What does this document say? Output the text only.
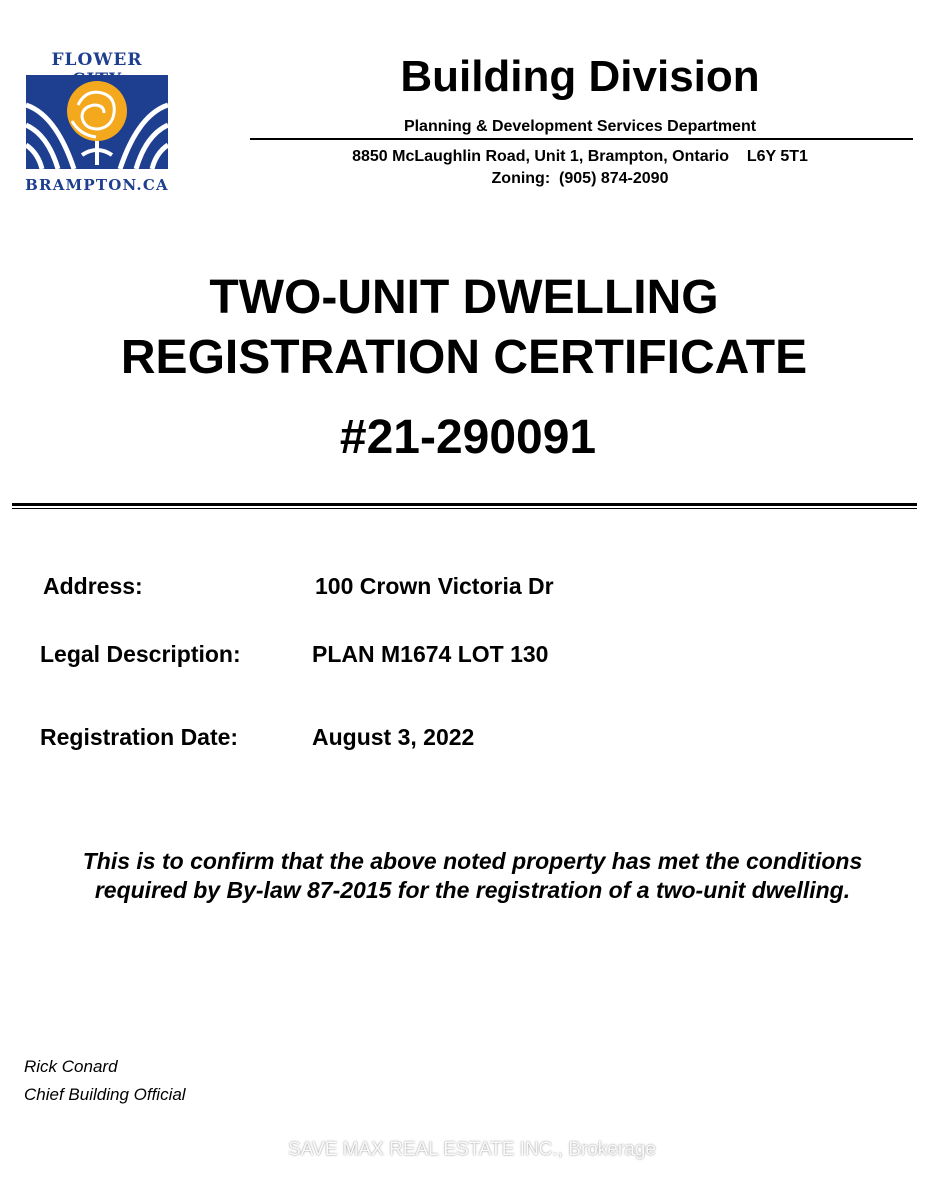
FLOWER
BRAMPTON.CA
Building Division
Planning & Development Services Department
8850 McLaughlin Road, Unit 1, Brampton, Ontario    L6Y 5T1
Zoning:  (905) 874-2090
TWO-UNIT DWELLING
REGISTRATION CERTIFICATE
#21-290091
Address:	100 Crown Victoria Dr
Legal Description:	PLAN M1674 LOT 130
Registration Date:	August 3, 2022
This is to confirm that the above noted property has met the conditions
required by By-law 87-2015 for the registration of a two-unit dwelling.
Rick Conard
Chief Building Official
SAVE MAX REAL ESTATE INC., Brokerage
